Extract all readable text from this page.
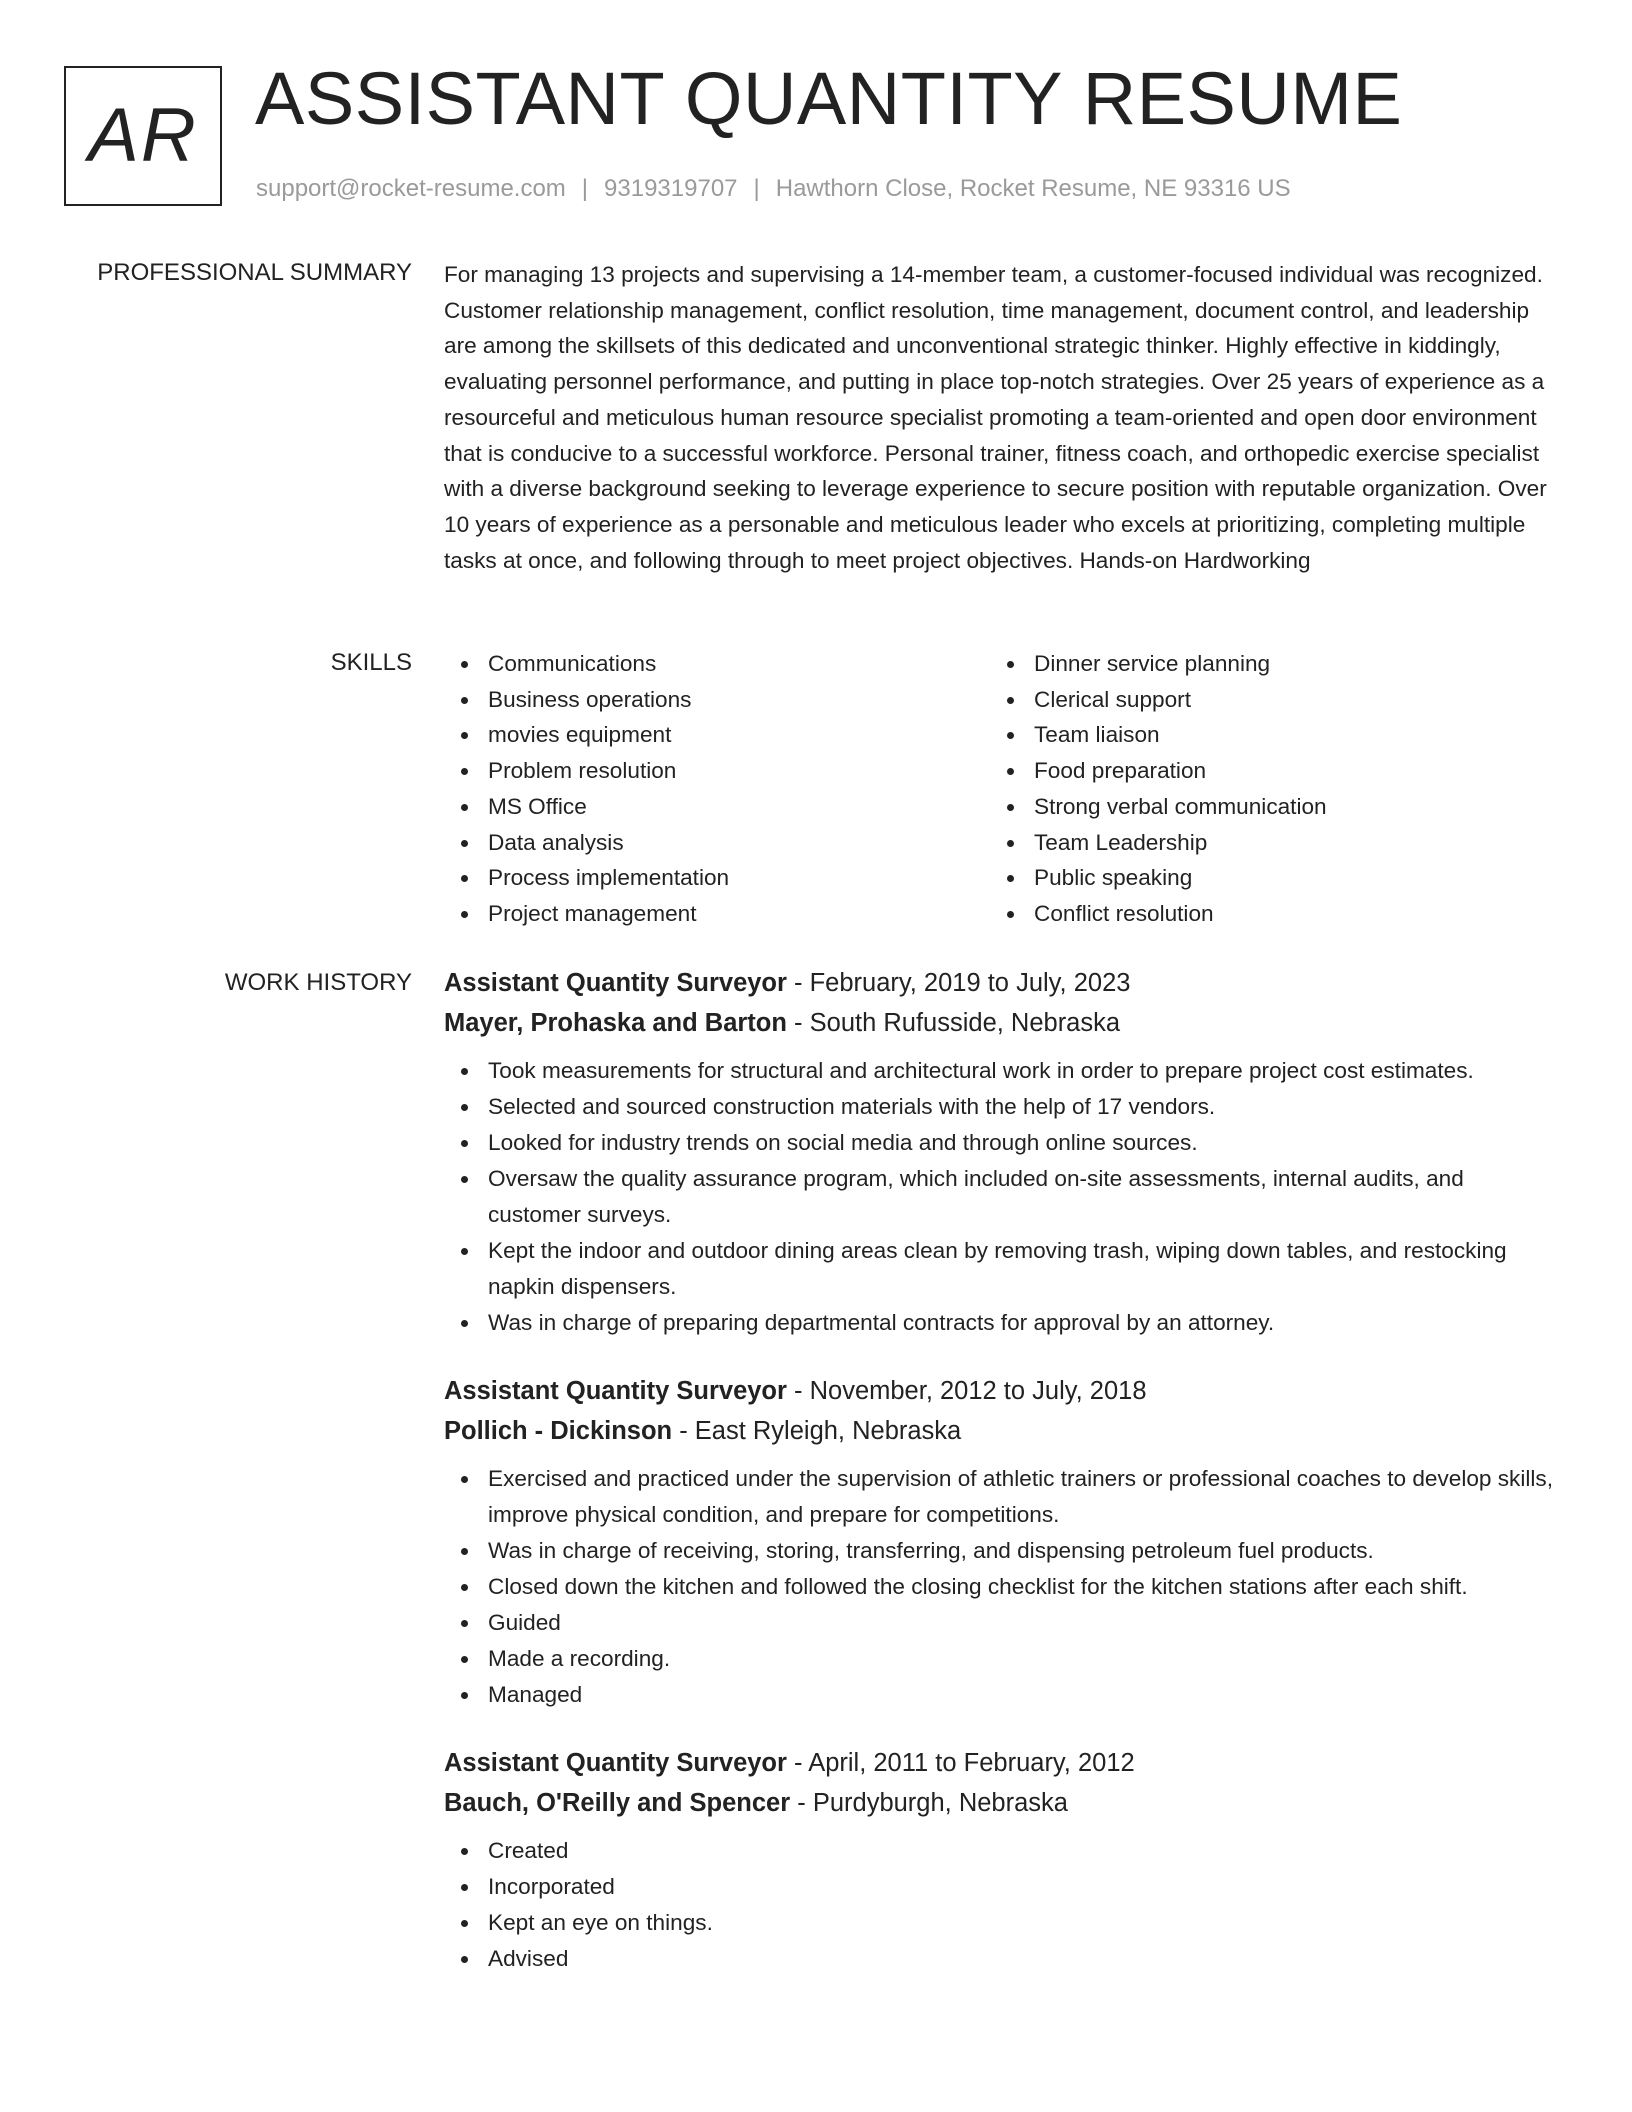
AR ASSISTANT QUANTITY RESUME
support@rocket-resume.com | 9319319707 | Hawthorn Close, Rocket Resume, NE 93316 US
PROFESSIONAL SUMMARY For managing 13 projects and supervising a 14-member team, a customer-focused individual was recognized. Customer relationship management, conflict resolution, time management, document control, and leadership are among the skillsets of this dedicated and unconventional strategic thinker. Highly effective in kiddingly, evaluating personnel performance, and putting in place top-notch strategies. Over 25 years of experience as a resourceful and meticulous human resource specialist promoting a team-oriented and open door environment that is conducive to a successful workforce. Personal trainer, fitness coach, and orthopedic exercise specialist with a diverse background seeking to leverage experience to secure position with reputable organization. Over 10 years of experience as a personable and meticulous leader who excels at prioritizing, completing multiple tasks at once, and following through to meet project objectives. Hands-on Hardworking
SKILLS	Communications
Business operations
movies equipment
Problem resolution
MS Office
Data analysis
Process implementation
Project management
Dinner service planning
Clerical support
Team liaison
Food preparation
Strong verbal communication
Team Leadership
Public speaking
Conflict resolution
WORK HISTORY Assistant Quantity Surveyor - February, 2019 to July, 2023
Mayer, Prohaska and Barton - South Rufusside, Nebraska
Took measurements for structural and architectural work in order to prepare project cost estimates.
Selected and sourced construction materials with the help of 17 vendors.
Looked for industry trends on social media and through online sources.
Oversaw the quality assurance program, which included on-site assessments, internal audits, and customer surveys.
Kept the indoor and outdoor dining areas clean by removing trash, wiping down tables, and restocking napkin dispensers.
Was in charge of preparing departmental contracts for approval by an attorney.
Assistant Quantity Surveyor - November, 2012 to July, 2018
Pollich - Dickinson - East Ryleigh, Nebraska
Exercised and practiced under the supervision of athletic trainers or professional coaches to develop skills, improve physical condition, and prepare for competitions.
Was in charge of receiving, storing, transferring, and dispensing petroleum fuel products.
Closed down the kitchen and followed the closing checklist for the kitchen stations after each shift.
Guided
Made a recording.
Managed
Assistant Quantity Surveyor - April, 2011 to February, 2012
Bauch, O'Reilly and Spencer - Purdyburgh, Nebraska
Created
Incorporated
Kept an eye on things.
Advised
